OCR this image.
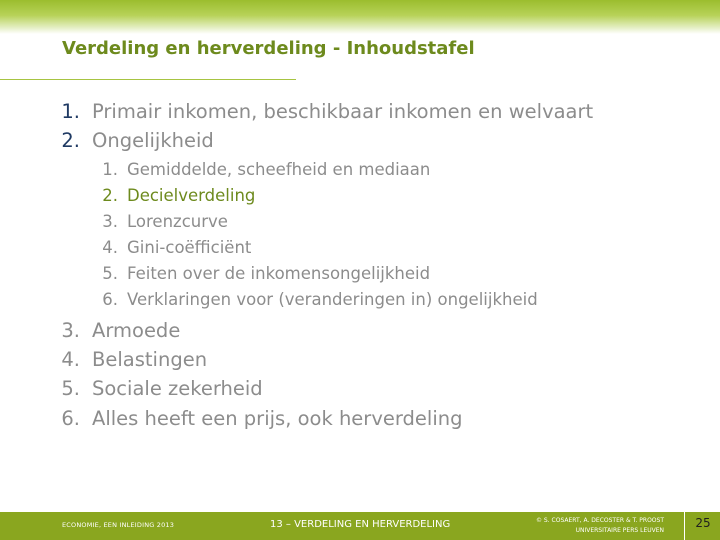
Verdeling en herverdeling - Inhoudstafel
1. Primair inkomen, beschikbaar inkomen en welvaart
2. Ongelijkheid
1. Gemiddelde, scheefheid en mediaan
2. Decielverdeling
3. Lorenzcurve
4. Gini-coëfficiënt
5. Feiten over de inkomensongelijkheid
6. Verklaringen voor (veranderingen in) ongelijkheid
3. Armoede
4. Belastingen
5. Sociale zekerheid
6. Alles heeft een prijs, ook herverdeling
ECONOMIE, EEN INLEIDING 2013	13 – VERDELING EN HERVERDELING	© S. COSAERT, A. DECOSTER & T. PROOST
UNIVERSITAIRE PERS LEUVEN
25
